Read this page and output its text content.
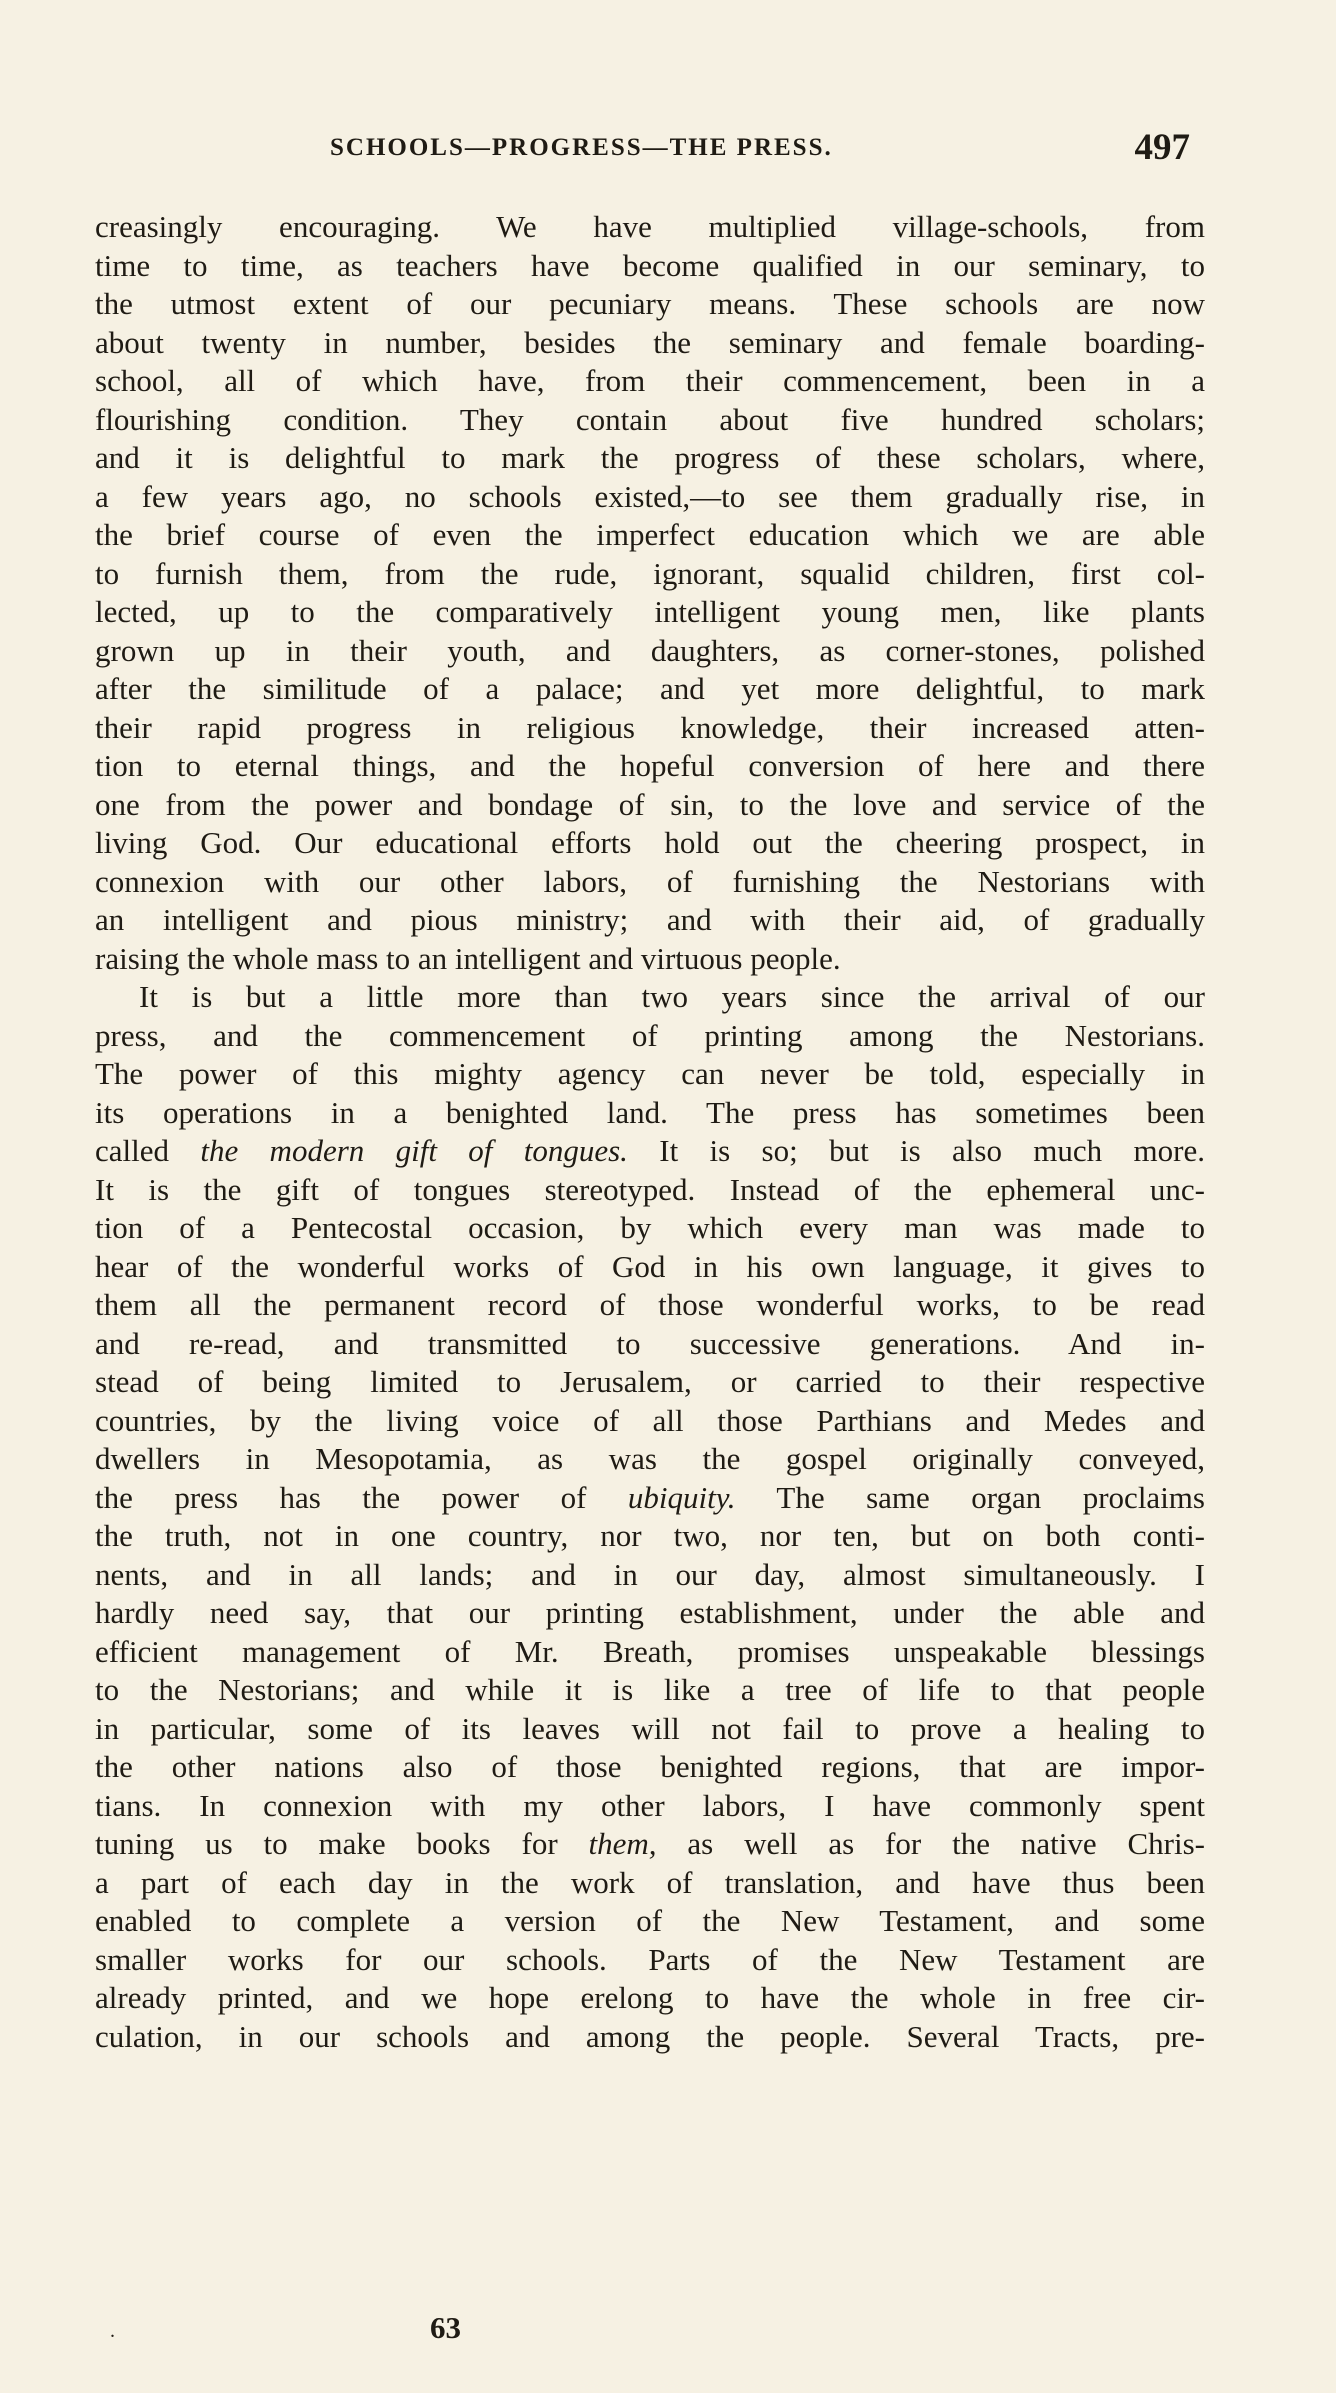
SCHOOLS—PROGRESS—THE PRESS.	497
creasingly encouraging. We have multiplied village-schools, from
time to time, as teachers have become qualified in our seminary, to
the utmost extent of our pecuniary means. These schools are now
about twenty in number, besides the seminary and female boarding-
school, all of which have, from their commencement, been in a
flourishing condition. They contain about five hundred scholars;
and it is delightful to mark the progress of these scholars, where,
a few years ago, no schools existed,—to see them gradually rise, in
the brief course of even the imperfect education which we are able
to furnish them, from the rude, ignorant, squalid children, first col-
lected, up to the comparatively intelligent young men, like plants
grown up in their youth, and daughters, as corner-stones, polished
after the similitude of a palace; and yet more delightful, to mark
their rapid progress in religious knowledge, their increased atten-
tion to eternal things, and the hopeful conversion of here and there
one from the power and bondage of sin, to the love and service of the
living God. Our educational efforts hold out the cheering prospect, in
connexion with our other labors, of furnishing the Nestorians with
an intelligent and pious ministry; and with their aid, of gradually
raising the whole mass to an intelligent and virtuous people.
It is but a little more than two years since the arrival of our
press, and the commencement of printing among the Nestorians.
The power of this mighty agency can never be told, especially in
its operations in a benighted land. The press has sometimes been
called the modern gift of tongues. It is so; but is also much more.
It is the gift of tongues stereotyped. Instead of the ephemeral unc-
tion of a Pentecostal occasion, by which every man was made to
hear of the wonderful works of God in his own language, it gives to
them all the permanent record of those wonderful works, to be read
and re-read, and transmitted to successive generations. And in-
stead of being limited to Jerusalem, or carried to their respective
countries, by the living voice of all those Parthians and Medes and
dwellers in Mesopotamia, as was the gospel originally conveyed,
the press has the power of ubiquity. The same organ proclaims
the truth, not in one country, nor two, nor ten, but on both conti-
nents, and in all lands; and in our day, almost simultaneously. I
hardly need say, that our printing establishment, under the able and
efficient management of Mr. Breath, promises unspeakable blessings
to the Nestorians; and while it is like a tree of life to that people
in particular, some of its leaves will not fail to prove a healing to
the other nations also of those benighted regions, that are impor-
tians. In connexion with my other labors, I have commonly spent
tuning us to make books for them, as well as for the native Chris-
a part of each day in the work of translation, and have thus been
enabled to complete a version of the New Testament, and some
smaller works for our schools. Parts of the New Testament are
already printed, and we hope erelong to have the whole in free cir-
culation, in our schools and among the people. Several Tracts, pre-
.	63
